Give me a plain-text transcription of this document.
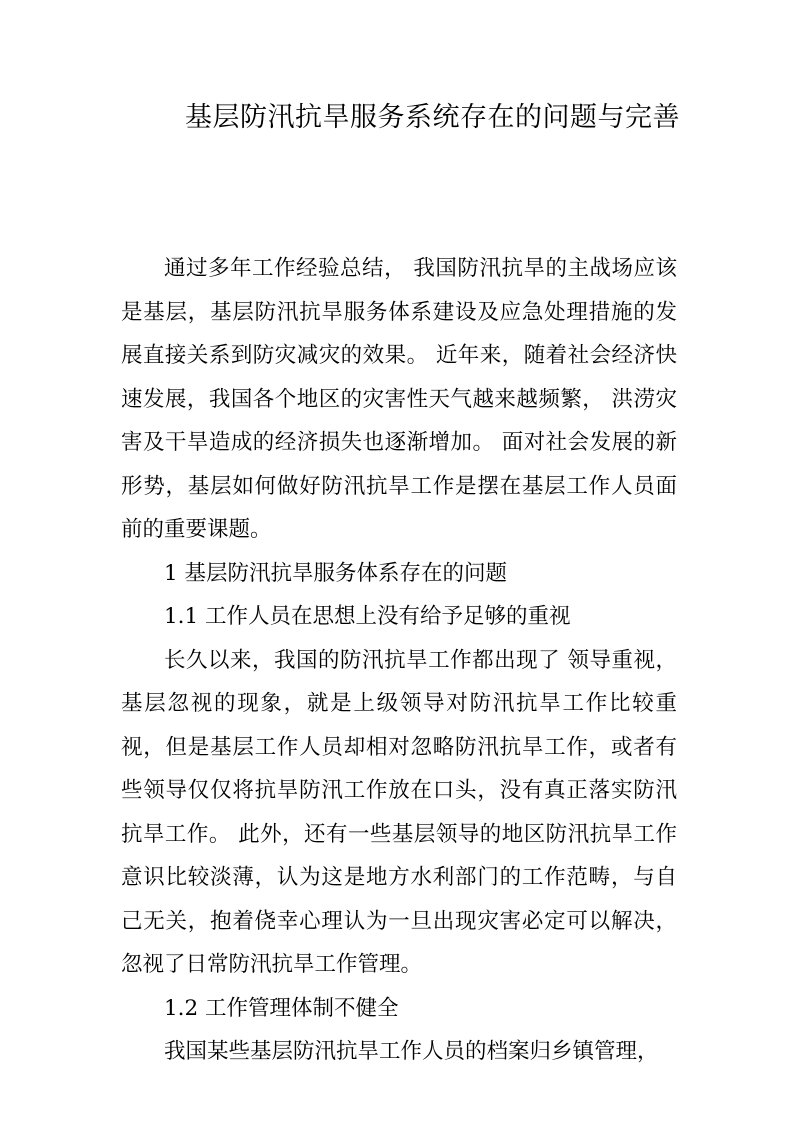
基层防汛抗旱服务系统存在的问题与完善

通过多年工作经验总结， 我国防汛抗旱的主战场应该是基层，基层防汛抗旱服务体系建设及应急处理措施的发展直接关系到防灾减灾的效果。 近年来，随着社会经济快速发展，我国各个地区的灾害性天气越来越频繁， 洪涝灾害及干旱造成的经济损失也逐渐增加。 面对社会发展的新形势，基层如何做好防汛抗旱工作是摆在基层工作人员面前的重要课题。

1 基层防汛抗旱服务体系存在的问题

1.1 工作人员在思想上没有给予足够的重视

长久以来，我国的防汛抗旱工作都出现了 领导重视，基层忽视的现象，就是上级领导对防汛抗旱工作比较重视，但是基层工作人员却相对忽略防汛抗旱工作，或者有些领导仅仅将抗旱防汛工作放在口头，没有真正落实防汛抗旱工作。 此外，还有一些基层领导的地区防汛抗旱工作意识比较淡薄，认为这是地方水利部门的工作范畴，与自己无关，抱着侥幸心理认为一旦出现灾害必定可以解决，忽视了日常防汛抗旱工作管理。

1.2 工作管理体制不健全

我国某些基层防汛抗旱工作人员的档案归乡镇管理，
